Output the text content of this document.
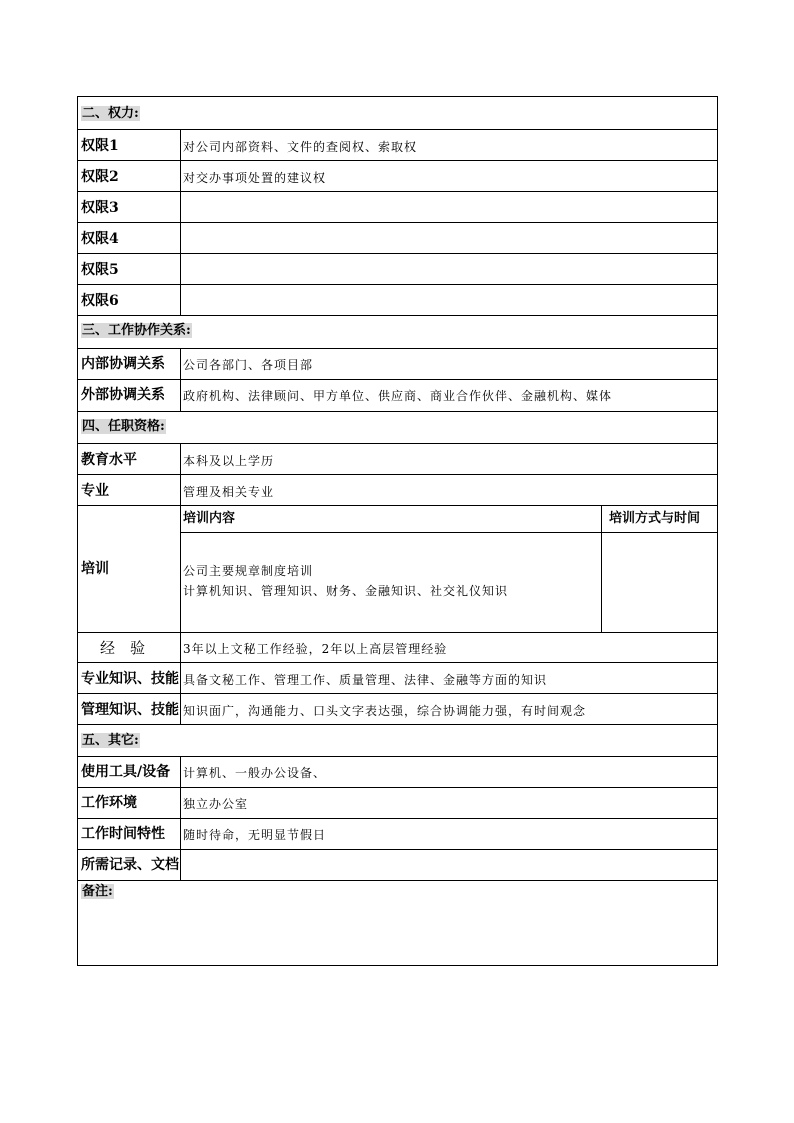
二、权力:
权限1	对公司内部资料、文件的查阅权、索取权
权限2	对交办事项处置的建议权
权限3
权限4
权限5
权限6
三、工作协作关系:
内部协调关系 公司各部门、各项目部
外部协调关系 政府机构、法律顾问、甲方单位、供应商、商业合作伙伴、金融机构、媒体
四、任职资格:
教育水平	本科及以上学历
专业	管理及相关专业
培训
培训内容	培训方式与时间
公司主要规章制度培训
计算机知识、管理知识、财务、金融知识、社交礼仪知识
经　验	3年以上文秘工作经验，2年以上高层管理经验
专业知识、技能 具备文秘工作、管理工作、质量管理、法律、金融等方面的知识
管理知识、技能 知识面广，沟通能力、口头文字表达强，综合协调能力强，有时间观念
五、其它:
使用工具/设备 计算机、一般办公设备、
工作环境	独立办公室
工作时间特性 随时待命，无明显节假日
所需记录、文档
备注:
